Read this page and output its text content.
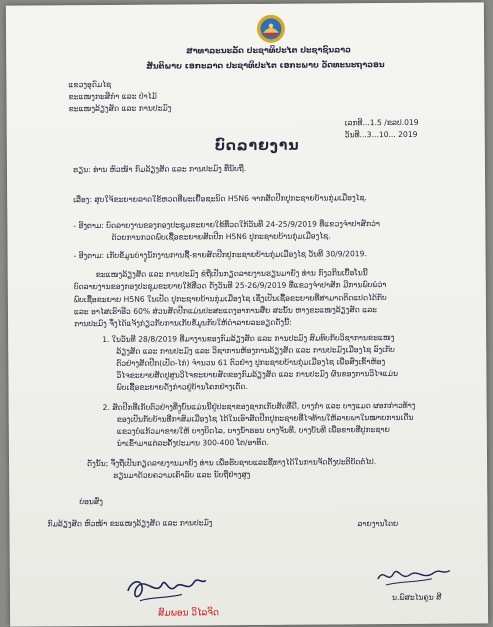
ສາທາລະນະລັດ ປະຊາທິປະໄຕ ປະຊາຊົນລາວ
ສັນຕິພາບ ເອກະລາດ ປະຊາທິປະໄຕ ເອກະພາບ ວັດທະນະຖາວອນ
ແຂວງອຸດົມໄຊ
ຂະແໜງກະສິກຳ ແລະ ປ່າໄມ້
ຂະແໜງລ້ຽງສັດ ແລະ ການປະມົງ
ເລກທີ...1.5 /ຂລປ.019
ວັນທີ...3...10... 2019
ບົດລາຍງານ
ຮຽນ: ທ່ານ ຫົວໜ້າ ກົມລ້ຽງສັດ ແລະ ການປະມົງ ທີ່ນັບຖື.
ເລື່ອງ: ສຸບໃຈ້ຂະຍາຍລາດໃຂ້ຫວດທີ່ພະເຍື້ອຊະນິດ H5N6 ຈາກສັດປີກປູກະຊາຍບ້ານກຸ່ມເມືອງໄຊ.
- ອີງຕາມ: ບົດລາຍງານຂອງກອງປະຊຸມຂະຍາຍໃຂ້ທີ່ວດໃກ້ວັນທີ 24-25/9/2019 ທີ່ແຂວງຈຳປາສັກວ່າ
ດ້ວຍການກວດພົບເຊື້ອຂະຍາຍສັດປີກ H5N6 ປູກະຊາຍບ້ານກຸ່ມເມືອງໄຊ.
- ອີງຕາມ: ເກັບຂໍ້ມູນບ່າງູນັກງານການຊື້-ຂາຍສັດປີກປູກະຊາຍບ້ານກຸ່ມເມືອງໄຊ ວັນທີ 30/9/2019.
ຂະແໜງລ້ຽງສັດ ແລະ ການປະມົງ ຂໍຖືເປັນກຽດລາຍງານຮຽນມາຍັງ ທ່ານ ກົງວກິນເບື້ອໂນນີ້
ບົດລາຍງານຂອງກອງປະຊຸມຂະຍາຍໃຂ້ທີ່ວດ ດັ່ງວັນທີ 25-26/9/2019 ທີ່ແຂວງຈຳປາສັກ ມີການພົບພໍວ່າ
ພົບເຊື້ອຂະຍາຍ H5N6 ໃນເປັດ ປູກະຊາຍບ້ານກຸ່ມເມືອງໄຊ ເຊິ່ງເປັນເຊື້ອຂະຍາຍທີ່ສາມາດຕິດແປດໄດ້ກັບ
ແລະ ອາໄສເຮົາອີວ 60% ສ່ວນສັດປີກແມ່ນປະສະແດງອາການສີ່ຍ ສະນັ້ນ ຫາງຂະແໜງລ້ຽງສັດ ແລະ
ການປະມົງ ຈຶ່ງໄດ້ແຈ້ງກ່ຽວກັບການເກັບຂໍ້ມູນກັບໃຫ້ດຳລາຍລະອຽດດັ່ງນີ້:
1. ໃນວັນທີ 28/8/2019 ທີ່ມາງານຂອງກົມລ້ຽງສັດ ແລະ ການປະມົງ ສົມທົບກັບວິຊາການຂະແໜງ
ລ້ຽງສັດ ແລະ ການປະມົງ ແລະ ວິຊາການຫ້ອງການລ້ຽງສັດ ແລະ ການປະມົງເມືອງໄຊ ລົງເກັບ
ຕົວຢ່າງສັດປີກ(ເປັດ-ໄກ່) ຈຳນວນ 61 ຕົວຢ່າງ ປູກະຊາຍບ້ານກຸ່ມເມືອງໄຊ ເພື່ອສົ່ງເຂົ້າຫ້ອງ
ວິໄຈຂະຍາຍສັດປູສູນວິໄຈຂະຍາຍສັດຂອງກົມລ້ຽງສັດ ແລະ ການປະມົງ ຜົນຂອງການວິໄຈແມ່ນ
ພົບເຊື້ອຂະຍາຍດັ່ງກ່າວຢູ່ບ້ານໂຄກຢ່າງເດັ່ດ.
2. ສັດປີກທີ່ເກັບຕົວຢ່າງທີ່ງູບົ່ນແມ່ນນີ້ຢູ່ປະຊາຂອງຊາກເກັບສັດທີ່ດີ, ບາງກໍ່າ ແລະ ບາງແມດ ຜອກກ່າວທ້າງ
ຂອງເປັນກັບບ້ານທີ່ກາສົມເມືອງໄຊ ໄດ້ໃນເອົາສັດປີກປູກະຊາຍທີ່ໄຈທ້ານໃຫ້ລາຍພາໃນໝາຍການເດີ່ນ
ແຂວງບໍ່ແກ້ວມາຂາຍໃຫ້ ບາງບິດໄລ, ບາງນ້ຳຮອນ ບາງຈັນທີ, ບາງບັນທີ ເພື່ອຂາຍທີ່ປູກະຊາຍ
ນຳເຂົ້າມາແຕ່ລະຄັ້ງປະມານ 300-400 ໂຕ/ອາທິດ.
ດັ່ງນັ້ນ; ຈຶ່ງຖືເປັນກຽດລາຍງານມາຍັງ ທ່ານ ເພື່ອຮັບຊາບແລະຊີ້ທາງໄດ້ໃນການຈັດຕັ້ງປະຕິບັດຕໍ່ໄປ.
ຮຽນມາດ້ວຍຄວາມເຄົາລົບ ແລະ ນັບຖືຢ່າງສູງ
ບ່ອນສົ່ງ
ກົມລ້ຽງສັດ ຫົວໜ້າ ຂະແໜງລ້ຽງສັດ ແລະ ການປະມົງ	ລາຍງານໂດຍ
ນ.ພົສະໄນຄູນ ສີ
ສົມພອນ ວິໄລຈິດ
